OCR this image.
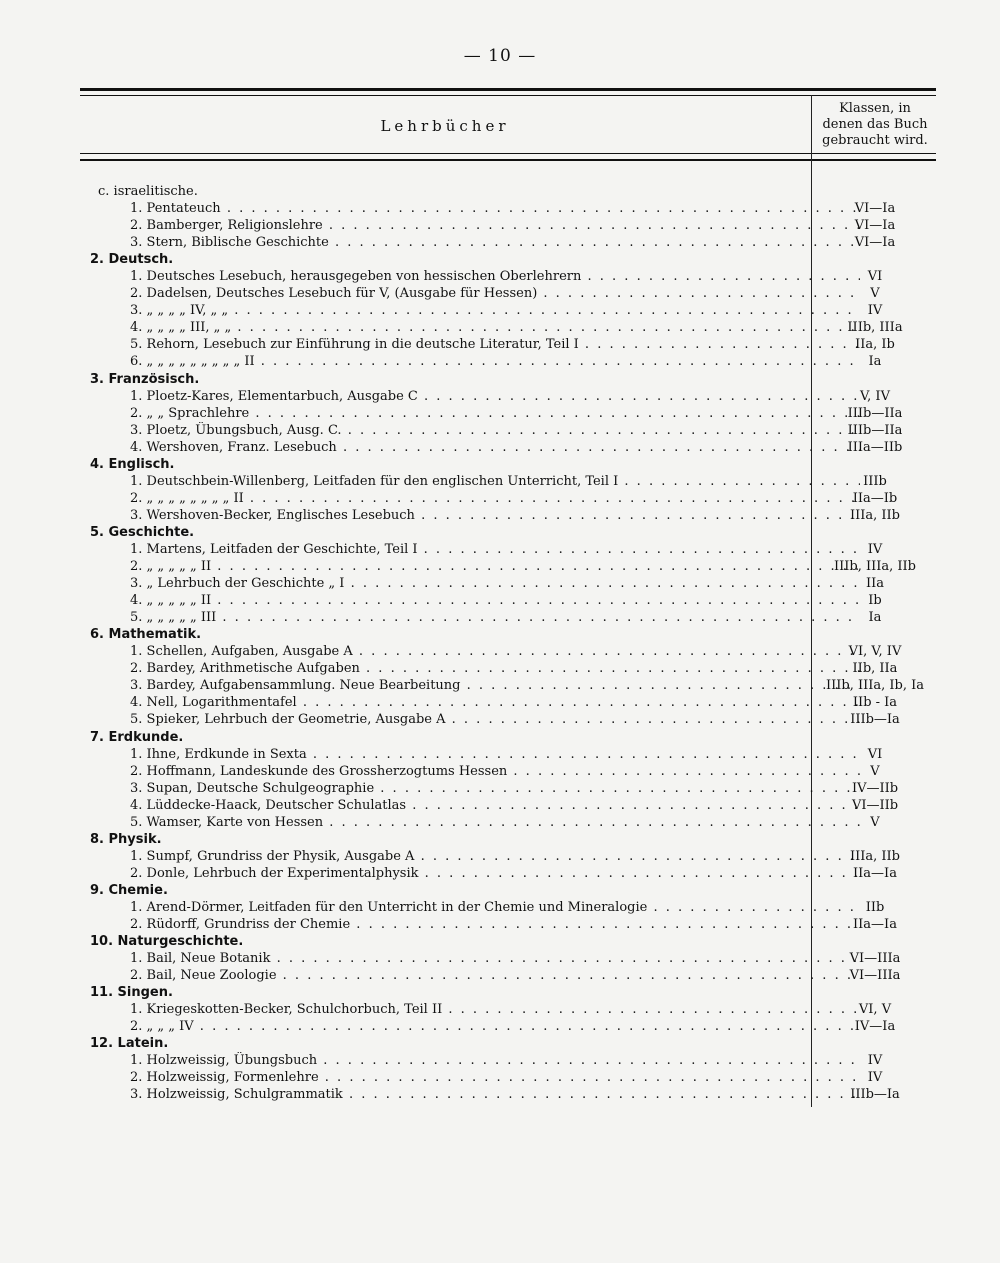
— 10 —
Lehrbücher
Klassen, in
denen das Buch
gebraucht wird.
c. israelitische.
1. Pentateuch . .	VI—Ia
2. Bamberger, Religionslehre . .	VI—Ia
3. Stern, Biblische Geschichte . .	VI—Ia
2. Deutsch.
1. Deutsches Lesebuch, herausgegeben von hessischen Oberlehrern . .	VI
2. Dadelsen, Deutsches Lesebuch für V, (Ausgabe für Hessen) . .	V
3. „ „ „ „ IV, „ „ . .	IV
4. „ „ „ „ III, „ „ . .	IIIb, IIIa
5. Rehorn, Lesebuch zur Einführung in die deutsche Literatur, Teil I . .	IIa, Ib
6. „ „ „ „ „ „ „ „ „ II . .	Ia
3. Französisch.
1. Ploetz-Kares, Elementarbuch, Ausgabe C . .	V, IV
2. „ „ Sprachlehre . .	IIIb—IIa
3. Ploetz, Übungsbuch, Ausg. C. . .	IIIb—IIa
4. Wershoven, Franz. Lesebuch . .	IIIa—IIb
4. Englisch.
1. Deutschbein-Willenberg, Leitfaden für den englischen Unterricht, Teil I . .	IIIb
2. „ „ „ „ „ „ „ „ II . .	IIa—Ib
3. Wershoven-Becker, Englisches Lesebuch . .	IIIa, IIb
5. Geschichte.
1. Martens, Leitfaden der Geschichte, Teil I . .	IV
2. „ „ „ „ „ II . .	IIIb, IIIa, IIb
3. „ Lehrbuch der Geschichte „ I . .	IIa
4. „ „ „ „ „ II . .	Ib
5. „ „ „ „ „ III . .	Ia
6. Mathematik.
1. Schellen, Aufgaben, Ausgabe A . .	VI, V, IV
2. Bardey, Arithmetische Aufgaben . .	IIb, IIa
3. Bardey, Aufgabensammlung. Neue Bearbeitung . .	IIIb, IIIa, Ib, Ia
4. Nell, Logarithmentafel . .	IIb - Ia
5. Spieker, Lehrbuch der Geometrie, Ausgabe A . .	IIIb—Ia
7. Erdkunde.
1. Ihne, Erdkunde in Sexta . .	VI
2. Hoffmann, Landeskunde des Grossherzogtums Hessen . .	V
3. Supan, Deutsche Schulgeographie . .	IV—IIb
4. Lüddecke-Haack, Deutscher Schulatlas . .	VI—IIb
5. Wamser, Karte von Hessen . .	V
8. Physik.
1. Sumpf, Grundriss der Physik, Ausgabe A . .	IIIa, IIb
2. Donle, Lehrbuch der Experimentalphysik . .	IIa—Ia
9. Chemie.
1. Arend-Dörmer, Leitfaden für den Unterricht in der Chemie und Mineralogie . .	IIb
2. Rüdorff, Grundriss der Chemie . .	IIa—Ia
10. Naturgeschichte.
1. Bail, Neue Botanik . .	VI—IIIa
2. Bail, Neue Zoologie . .	VI—IIIa
11. Singen.
1. Kriegeskotten-Becker, Schulchorbuch, Teil II . .	VI, V
2. „ „ „ IV . .	IV—Ia
12. Latein.
1. Holzweissig, Übungsbuch . .	IV
2. Holzweissig, Formenlehre . .	IV
3. Holzweissig, Schulgrammatik . .	IIIb—Ia
